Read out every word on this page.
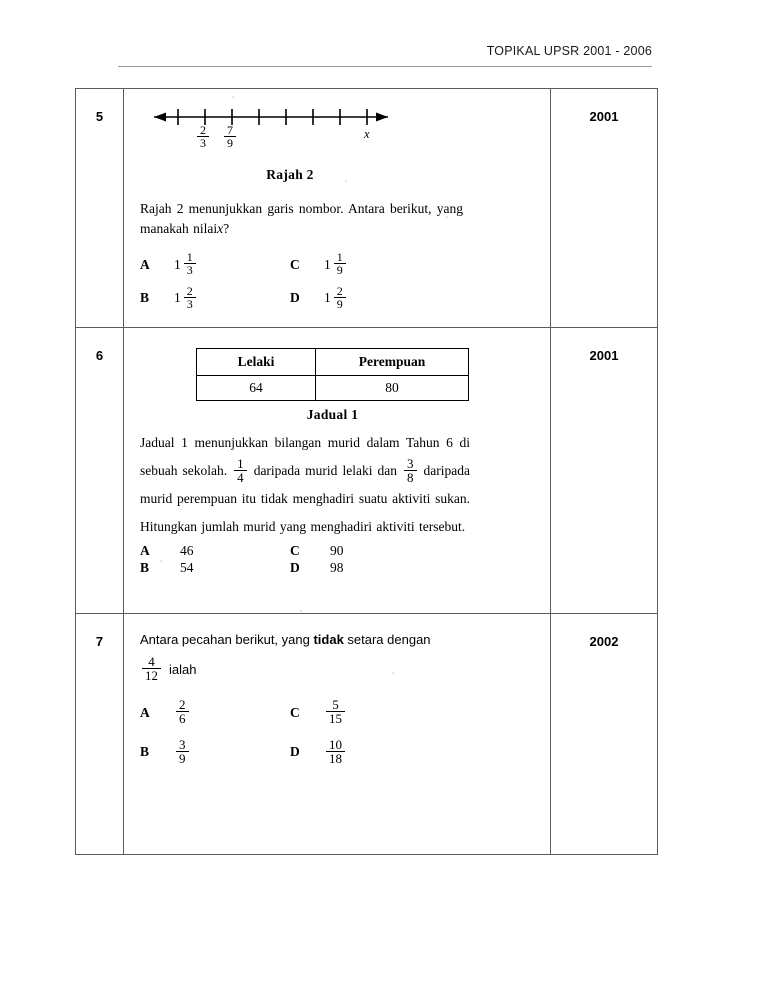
TOPIKAL UPSR 2001 - 2006
5
$\frac{2}{3} \frac{7}{9}$	x
Rajah 2
Rajah 2 menunjukkan garis nombor. Antara berikut, yang manakah nilaix?
A	$1 \frac{1}{3}$	C	$1 \frac{1}{9}$
B	$1 \frac{2}{3}$	D	$1 \frac{2}{9}$
2001
6	Lelaki	Perempuan
64	80
Jadual 1
Jadual 1 menunjukkan bilangan murid dalam Tahun 6 di sebuah sekolah. $\frac{1}{4}$ daripada murid lelaki dan $\frac{3}{8}$ daripada murid perempuan itu tidak menghadiri suatu aktiviti sukan. Hitungkan jumlah murid yang menghadiri aktiviti tersebut.
A	46	C	90
B	54	D	98
2001
7	Antara pecahan berikut, yang tidak setara dengan
$\frac{4}{12}$ ialah
A	$\frac{2}{6}$	C	$\frac{5}{15}$
B	$\frac{3}{9}$	D	$\frac{10}{18}$
2002
